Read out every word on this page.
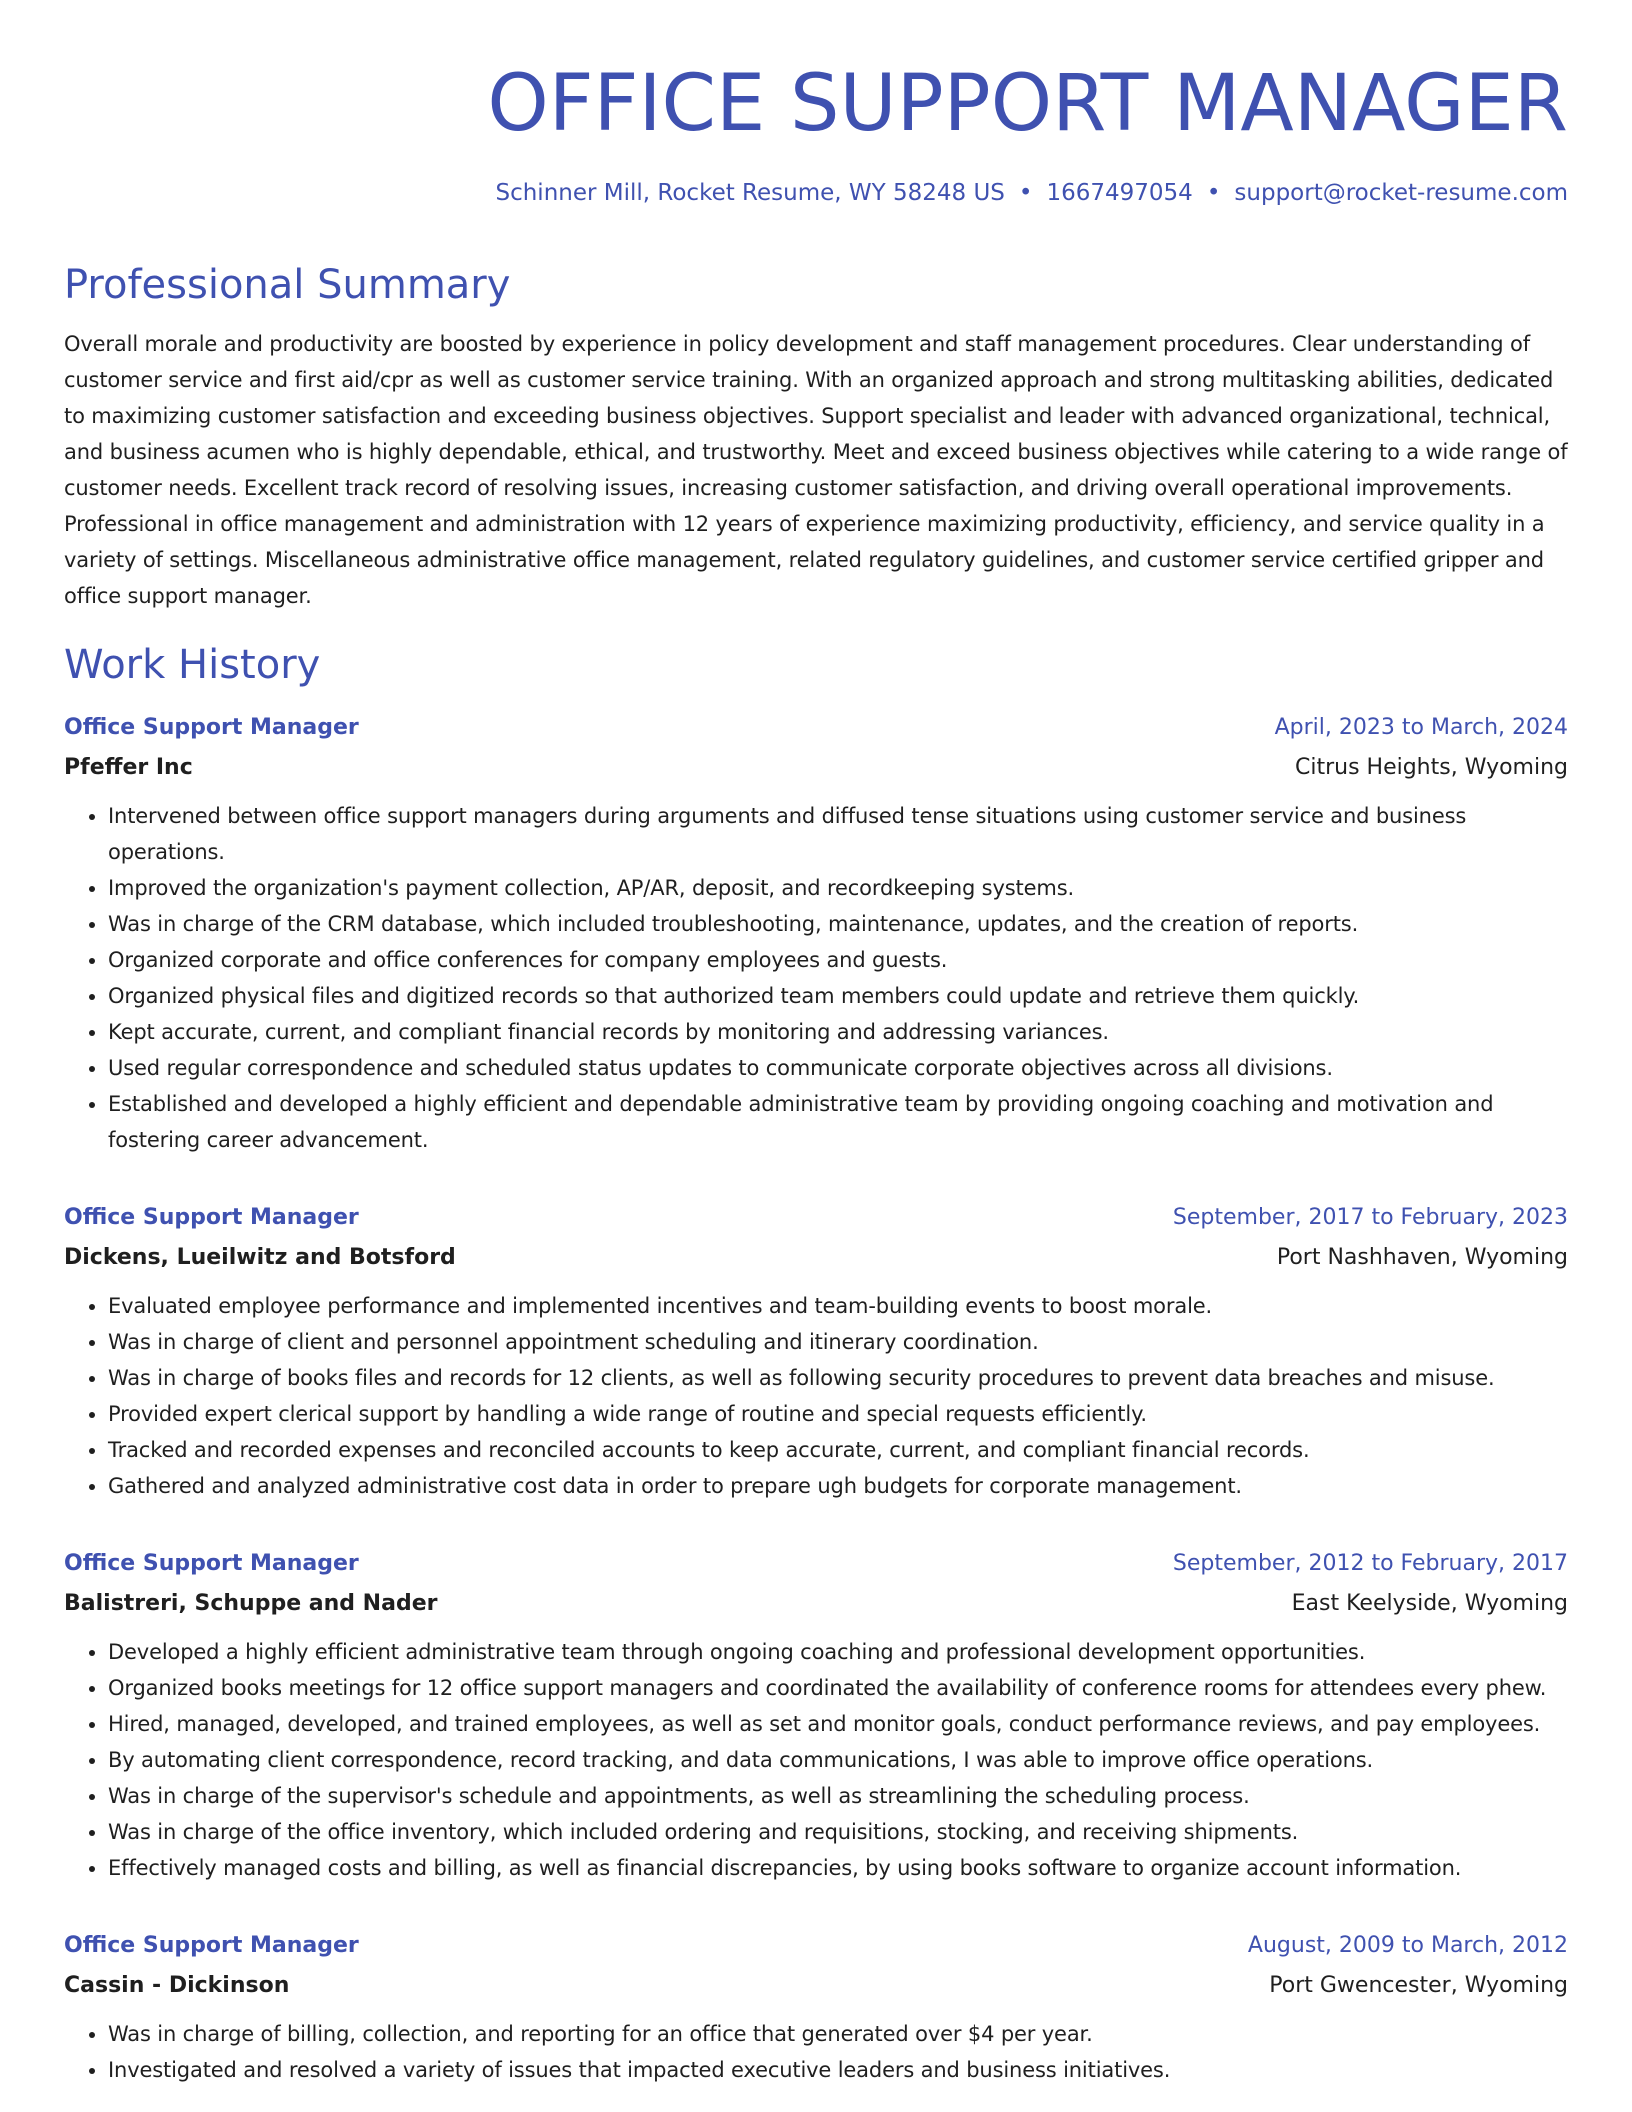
OFFICE SUPPORT MANAGER
Schinner Mill, Rocket Resume, WY 58248 US • 1667497054 • support@rocket-resume.com
Professional Summary

Overall morale and productivity are boosted by experience in policy development and staff management procedures. Clear understanding of customer service and first aid/cpr as well as customer service training. With an organized approach and strong multitasking abilities, dedicated to maximizing customer satisfaction and exceeding business objectives. Support specialist and leader with advanced organizational, technical, and business acumen who is highly dependable, ethical, and trustworthy. Meet and exceed business objectives while catering to a wide range of customer needs. Excellent track record of resolving issues, increasing customer satisfaction, and driving overall operational improvements. Professional in office management and administration with 12 years of experience maximizing productivity, efficiency, and service quality in a variety of settings. Miscellaneous administrative office management, related regulatory guidelines, and customer service certified gripper and office support manager.

Work History
Office Support Manager	April, 2023 to March, 2024
Pfeffer Inc	Citrus Heights, Wyoming
• Intervened between office support managers during arguments and diffused tense situations using customer service and business operations.
• Improved the organization's payment collection, AP/AR, deposit, and recordkeeping systems.
• Was in charge of the CRM database, which included troubleshooting, maintenance, updates, and the creation of reports.
• Organized corporate and office conferences for company employees and guests.
• Organized physical files and digitized records so that authorized team members could update and retrieve them quickly.
• Kept accurate, current, and compliant financial records by monitoring and addressing variances.
• Used regular correspondence and scheduled status updates to communicate corporate objectives across all divisions.
• Established and developed a highly efficient and dependable administrative team by providing ongoing coaching and motivation and fostering career advancement.
Office Support Manager	September, 2017 to February, 2023
Dickens, Lueilwitz and Botsford	Port Nashhaven, Wyoming
• Evaluated employee performance and implemented incentives and team-building events to boost morale.
• Was in charge of client and personnel appointment scheduling and itinerary coordination.
• Was in charge of books files and records for 12 clients, as well as following security procedures to prevent data breaches and misuse.
• Provided expert clerical support by handling a wide range of routine and special requests efficiently.
• Tracked and recorded expenses and reconciled accounts to keep accurate, current, and compliant financial records.
• Gathered and analyzed administrative cost data in order to prepare ugh budgets for corporate management.
Office Support Manager	September, 2012 to February, 2017
Balistreri, Schuppe and Nader	East Keelyside, Wyoming
• Developed a highly efficient administrative team through ongoing coaching and professional development opportunities.
• Organized books meetings for 12 office support managers and coordinated the availability of conference rooms for attendees every phew.
• Hired, managed, developed, and trained employees, as well as set and monitor goals, conduct performance reviews, and pay employees.
• By automating client correspondence, record tracking, and data communications, I was able to improve office operations.
• Was in charge of the supervisor's schedule and appointments, as well as streamlining the scheduling process.
• Was in charge of the office inventory, which included ordering and requisitions, stocking, and receiving shipments.
• Effectively managed costs and billing, as well as financial discrepancies, by using books software to organize account information.
Office Support Manager	August, 2009 to March, 2012
Cassin - Dickinson	Port Gwencester, Wyoming
• Was in charge of billing, collection, and reporting for an office that generated over $4 per year.
• Investigated and resolved a variety of issues that impacted executive leaders and business initiatives.
